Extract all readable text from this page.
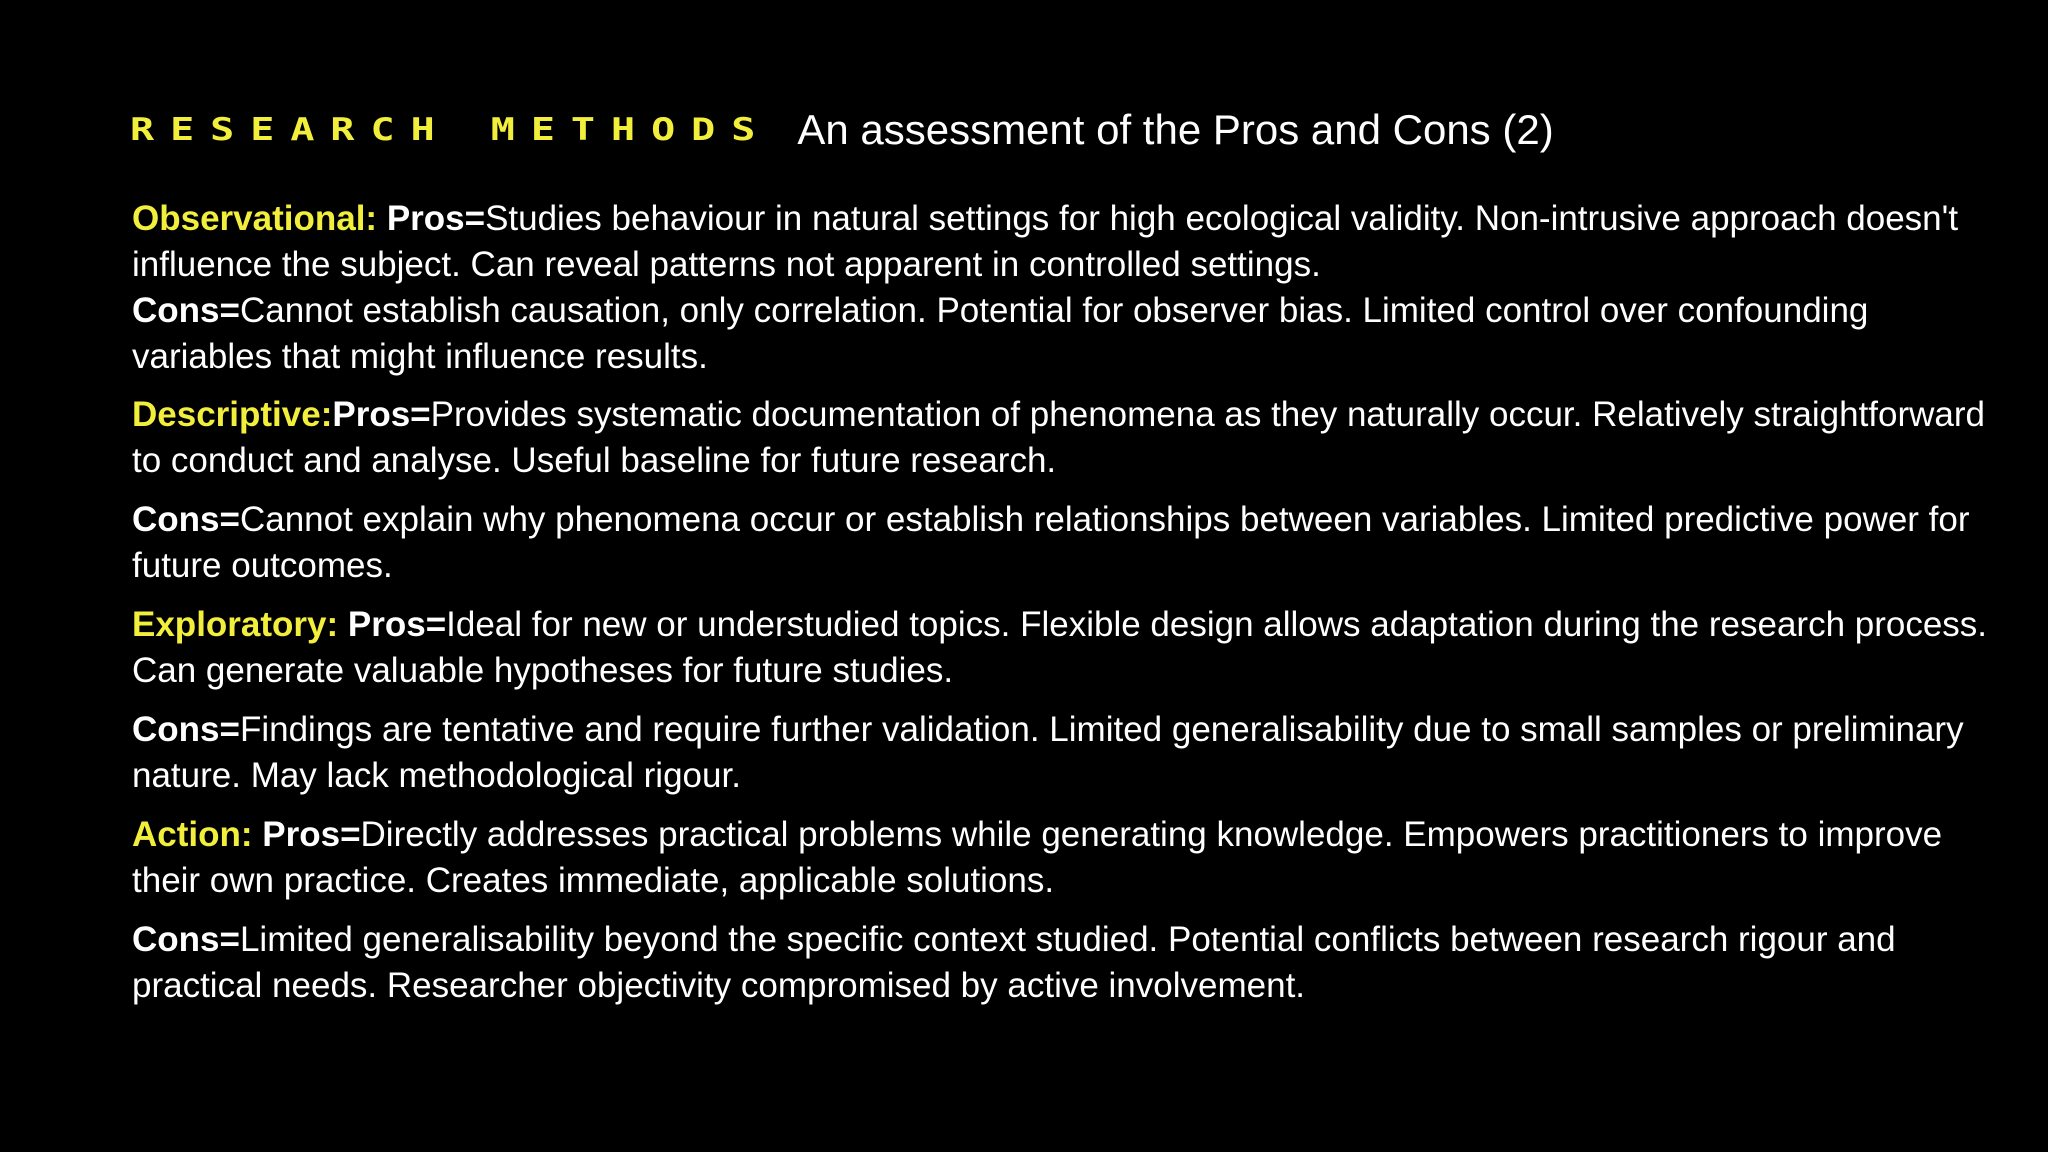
RESEARCH METHODS An assessment of the Pros and Cons (2)

Observational: Pros=Studies behaviour in natural settings for high ecological validity. Non-intrusive approach doesn't influence the subject. Can reveal patterns not apparent in controlled settings.
Cons=Cannot establish causation, only correlation. Potential for observer bias. Limited control over confounding variables that might influence results.

Descriptive:Pros=Provides systematic documentation of phenomena as they naturally occur. Relatively straightforward to conduct and analyse. Useful baseline for future research.

Cons=Cannot explain why phenomena occur or establish relationships between variables. Limited predictive power for future outcomes.

Exploratory: Pros=Ideal for new or understudied topics. Flexible design allows adaptation during the research process. Can generate valuable hypotheses for future studies.

Cons=Findings are tentative and require further validation. Limited generalisability due to small samples or preliminary nature. May lack methodological rigour.

Action: Pros=Directly addresses practical problems while generating knowledge. Empowers practitioners to improve their own practice. Creates immediate, applicable solutions.

Cons=Limited generalisability beyond the specific context studied. Potential conflicts between research rigour and practical needs. Researcher objectivity compromised by active involvement.
